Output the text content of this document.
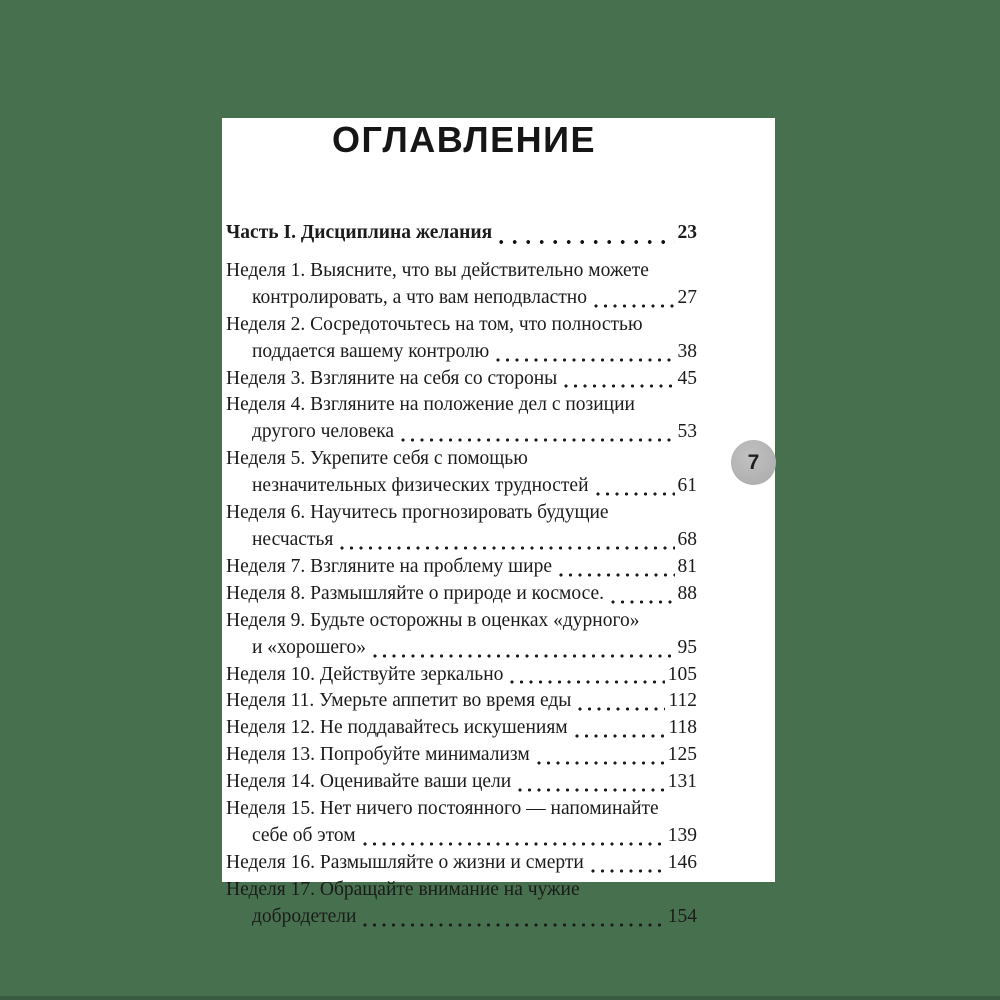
ОГЛАВЛЕНИЕ
Часть I. Дисциплина желания	23
Неделя 1. Выясните, что вы действительно можете
контролировать, а что вам неподвластно	27
Неделя 2. Сосредоточьтесь на том, что полностью
поддается вашему контролю	38
Неделя 3. Взгляните на себя со стороны	45
Неделя 4. Взгляните на положение дел с позиции
другого человека	53
Неделя 5. Укрепите себя с помощью
незначительных физических трудностей	61
Неделя 6. Научитесь прогнозировать будущие
несчастья	68
Неделя 7. Взгляните на проблему шире	81
Неделя 8. Размышляйте о природе и космосе.	88
Неделя 9. Будьте осторожны в оценках «дурного»
и «хорошего»	95
Неделя 10. Действуйте зеркально	105
Неделя 11. Умерьте аппетит во время еды	112
Неделя 12. Не поддавайтесь искушениям	118
Неделя 13. Попробуйте минимализм	125
Неделя 14. Оценивайте ваши цели	131
Неделя 15. Нет ничего постоянного — напоминайте
себе об этом	139
Неделя 16. Размышляйте о жизни и смерти	146
Неделя 17. Обращайте внимание на чужие
добродетели	154
7
